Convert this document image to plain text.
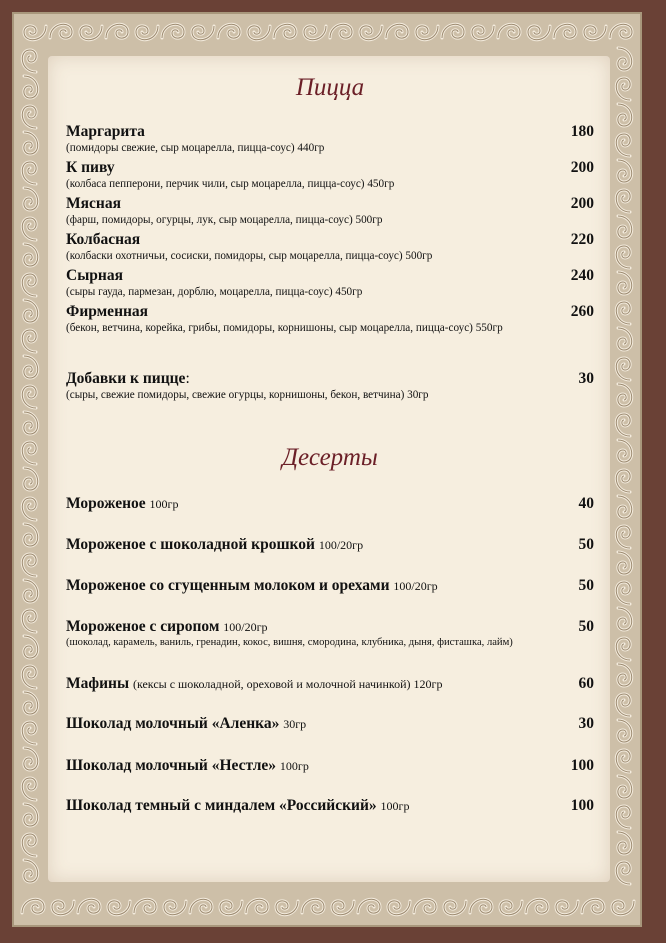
Пицца
Маргарита	180
(помидоры свежие, сыр моцарелла, пицца-соус) 440гр
К пиву	200
(колбаса пепперони, перчик чили, сыр моцарелла, пицца-соус) 450гр
Мясная	200
(фарш, помидоры, огурцы, лук, сыр моцарелла, пицца-соус) 500гр
Колбасная	220
(колбаски охотничьи, сосиски, помидоры, сыр моцарелла, пицца-соус) 500гр
Сырная	240
(сыры гауда, пармезан, дорблю, моцарелла, пицца-соус) 450гр
Фирменная	260
(бекон, ветчина, корейка, грибы, помидоры, корнишоны, сыр моцарелла, пицца-соус) 550гр
Добавки к пицце:	30
(сыры, свежие помидоры, свежие огурцы, корнишоны, бекон, ветчина) 30гр
Десерты
Мороженое 100гр	40
Мороженое с шоколадной крошкой 100/20гр	50
Мороженое со сгущенным молоком и орехами 100/20гр	50
Мороженое с сиропом 100/20гр	50
(шоколад, карамель, ваниль, гренадин, кокос, вишня, смородина, клубника, дыня, фисташка, лайм)
Мафины (кексы с шоколадной, ореховой и молочной начинкой) 120гр	60
Шоколад молочный «Аленка» 30гр	30
Шоколад молочный «Нестле» 100гр	100
Шоколад темный с миндалем «Российский» 100гр	100
